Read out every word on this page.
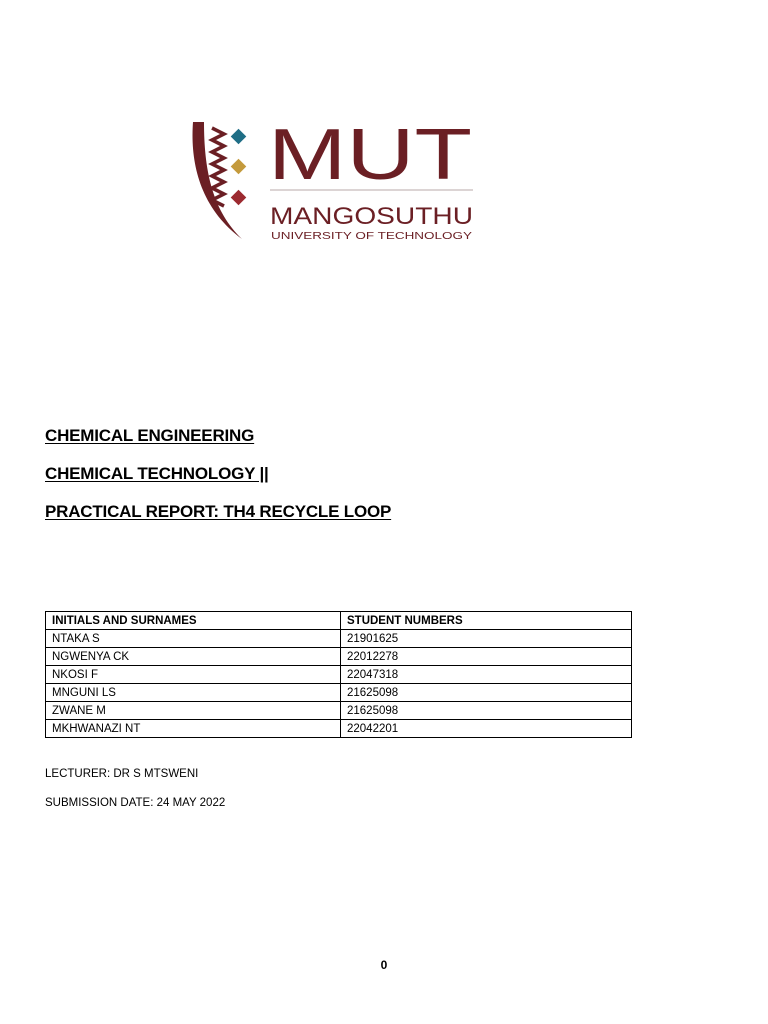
MUT
MANGOSUTHU
UNIVERSITY OF TECHNOLOGY
CHEMICAL ENGINEERING
CHEMICAL TECHNOLOGY ||
PRACTICAL REPORT: TH4 RECYCLE LOOP
INITIALS AND SURNAMES	STUDENT NUMBERS
NTAKA S	21901625
NGWENYA CK	22012278
NKOSI F	22047318
MNGUNI LS	21625098
ZWANE M	21625098
MKHWANAZI NT	22042201
LECTURER: DR S MTSWENI
SUBMISSION DATE: 24 MAY 2022
0
